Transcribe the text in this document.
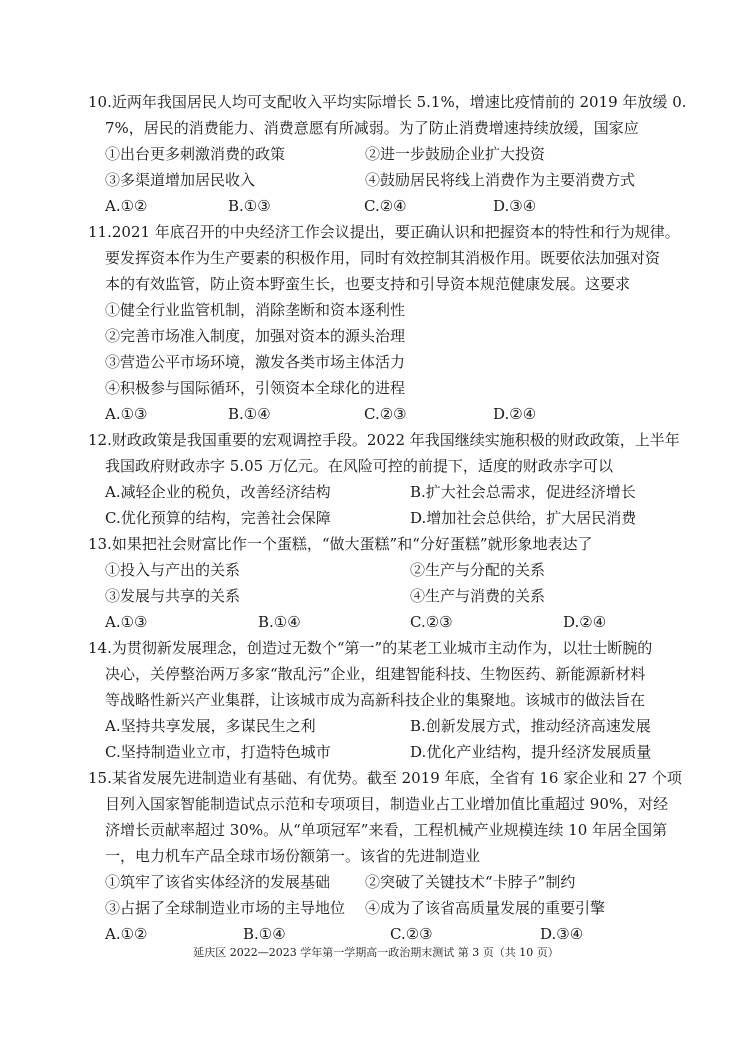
10.近两年我国居民人均可支配收入平均实际增长 5.1%，增速比疫情前的 2019 年放缓 0.
7%，居民的消费能力、消费意愿有所减弱。为了防止消费增速持续放缓，国家应
①出台更多刺激消费的政策	②进一步鼓励企业扩大投资
③多渠道增加居民收入	④鼓励居民将线上消费作为主要消费方式
A.①②	B.①③	C.②④	D.③④
11.2021 年底召开的中央经济工作会议提出，要正确认识和把握资本的特性和行为规律。
要发挥资本作为生产要素的积极作用，同时有效控制其消极作用。既要依法加强对资
本的有效监管，防止资本野蛮生长，也要支持和引导资本规范健康发展。这要求
①健全行业监管机制，消除垄断和资本逐利性
②完善市场准入制度，加强对资本的源头治理
③营造公平市场环境，激发各类市场主体活力
④积极参与国际循环，引领资本全球化的进程
A.①③	B.①④	C.②③	D.②④
12.财政政策是我国重要的宏观调控手段。2022 年我国继续实施积极的财政政策，上半年
我国政府财政赤字 5.05 万亿元。在风险可控的前提下，适度的财政赤字可以
A.减轻企业的税负，改善经济结构	B.扩大社会总需求，促进经济增长
C.优化预算的结构，完善社会保障	D.增加社会总供给，扩大居民消费
13.如果把社会财富比作一个蛋糕，“做大蛋糕”和“分好蛋糕”就形象地表达了
①投入与产出的关系	②生产与分配的关系
③发展与共享的关系	④生产与消费的关系
A.①③	B.①④	C.②③	D.②④
14.为贯彻新发展理念，创造过无数个“第一”的某老工业城市主动作为，以壮士断腕的
决心，关停整治两万多家“散乱污”企业，组建智能科技、生物医药、新能源新材料
等战略性新兴产业集群，让该城市成为高新科技企业的集聚地。该城市的做法旨在
A.坚持共享发展，多谋民生之利	B.创新发展方式，推动经济高速发展
C.坚持制造业立市，打造特色城市	D.优化产业结构，提升经济发展质量
15.某省发展先进制造业有基础、有优势。截至 2019 年底，全省有 16 家企业和 27 个项
目列入国家智能制造试点示范和专项项目，制造业占工业增加值比重超过 90%，对经
济增长贡献率超过 30%。从“单项冠军”来看，工程机械产业规模连续 10 年居全国第
一，电力机车产品全球市场份额第一。该省的先进制造业
①筑牢了该省实体经济的发展基础 ②突破了关键技术“卡脖子”制约
③占据了全球制造业市场的主导地位 ④成为了该省高质量发展的重要引擎
A.①②	B.①④	C.②③	D.③④
延庆区 2022—2023 学年第一学期高一政治期末测试 第 3 页（共 10 页）
